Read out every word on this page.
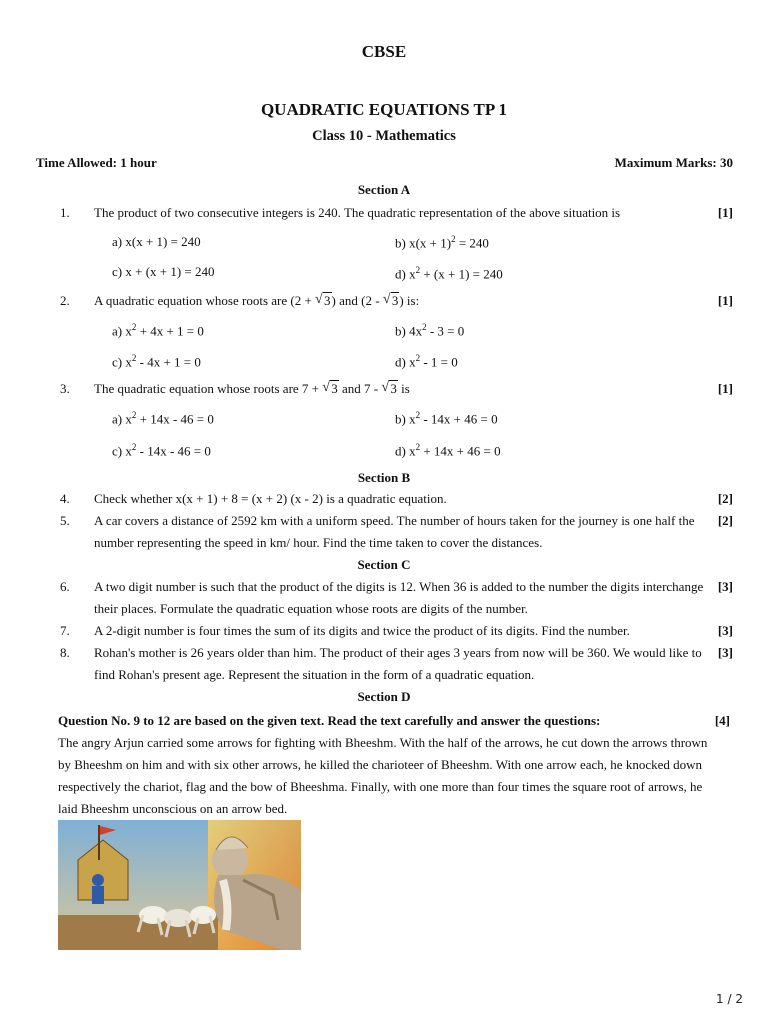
CBSE
QUADRATIC EQUATIONS TP 1
Class 10 - Mathematics
Time Allowed: 1 hour	Maximum Marks: 30
Section A
1.	The product of two consecutive integers is 240. The quadratic representation of the above situation is	[1]
a) x(x + 1) = 240	b) $x(x + 1)^2 = 240$
c) x + (x + 1) = 240	d) $x^2 + (x + 1) = 240$
2.	A quadratic equation whose roots are (2 + √ 3) and (2 - √ 3) is:	[1]
a) $x^2 + 4x + 1 = 0$	b) $4x^2 - 3 = 0$
c) $x^2 - 4x + 1 = 0$	d) $x^2 - 1 = 0$
3.	The quadratic equation whose roots are 7 + √ 3 and 7 - √ 3 is	[1]
a) $x^2 + 14x - 46 = 0$	b) $x^2 - 14x + 46 = 0$
c) $x^2 - 14x - 46 = 0$	d) $x^2 + 14x + 46 = 0$
Section B
4.	Check whether x(x + 1) + 8 = (x + 2) (x - 2) is a quadratic equation.	[2]
5.	A car covers a distance of 2592 km with a uniform speed. The number of hours taken for the journey is one half the number representing the speed in km/ hour. Find the time taken to cover the distances.
[2]
Section C
6.	A two digit number is such that the product of the digits is 12. When 36 is added to the number the digits interchange their places. Formulate the quadratic equation whose roots are digits of the number.
[3]
7.	A 2-digit number is four times the sum of its digits and twice the product of its digits. Find the number.	[3]
8.	Rohan's mother is 26 years older than him. The product of their ages 3 years from now will be 360. We would like to find Rohan's present age. Represent the situation in the form of a quadratic equation.
[3]
Section D
Question No. 9 to 12 are based on the given text. Read the text carefully and answer the questions:	[4]
The angry Arjun carried some arrows for fighting with Bheeshm. With the half of the arrows, he cut down the arrows thrown by Bheeshm on him and with six other arrows, he killed the charioteer of Bheeshm. With one arrow each, he knocked down respectively the chariot, flag and the bow of Bheeshma. Finally, with one more than four times the square root of arrows, he laid Bheeshm unconscious on an arrow bed.
1 / 2
